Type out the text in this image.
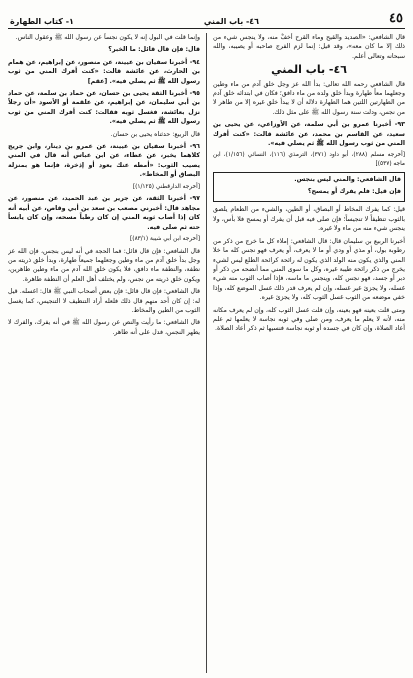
٤٥
٤٦- باب المني
١- كتاب الطهارة

قال الشافعي: «الصديد والقيح وماء القرح أخفُّ منه، ولا ينجس شيء من ذلك إلا ما كان معه»، وقد قيل: إنما لزم الفرج صاحبه أو يصيبه، والله سبحانه وتعالى أعلم.

٤٦- باب المني

قال الشافعي رحمه الله تعالى: بدأ الله عز وجل خلق آدم من ماء وطين وجعلهما معاً طهارة وبدأ خلق ولده من ماء دافق؛ فكان في ابتدائه خلق آدم من الطهارتين اللتين هما الطهارة دلالة أن لا يبدأ خلق غيره إلا من طاهر لا من نجس، ودلت سنة رسول الله ﷺ على مثل ذلك.

٩٣- أخبرنا عمرو بن أبي سلمة، عن الأوزاعي، عن يحيى بن سعيد، عن القاسم بن محمد، عن عائشة قالت: «كنت أفرك المني من ثوب رسول الله ﷺ ثم يصلي فيه».

[أخرجه مسلم (٢٨٨)، أبو داود (٣٧١)، الترمذي (١١٦)، النسائي (١/١٥٦)، ابن ماجه (٥٣٧)]

قال الشافعي: والمني ليس بنجس.

فإن قيل: فلم يفرك أو يمسح؟

قيل: كما يفرك المخاط أو البصاق، أو الطين، والشيء من الطعام يلصق بالثوب تنظيفاً لا تنجيساً؛ فإن صلى فيه قبل أن يفرك أو يمسح فلا بأس، ولا ينجس شيء منه من ماء ولا غيره.

أخبرنا الربيع بن سليمان قال: قال الشافعي: إملاء كل ما خرج من ذكر من رطوبة بول، أو مذي أو ودي أو ما لا يعرف، أو يعرف فهو نجس كله ما خلا المني والذي يكون منه الولد الذي يكون له رائحة كرائحة الطلع ليس لشيء يخرج من ذكر رائحة طيبة غيره، وكل ما سوى المني مما أنضحه من ذكر أو دبر أو جسد، فهو نجس كله، وينجس ما ماسه، فإذا أصاب الثوب منه شيء غسله، ولا يجزئ غير غسله، وإن لم يعرف قدر ذلك غسل الموضع كله، وإذا خفي موضعه من الثوب غسل الثوب كله، ولا يجزئ غيره.

ومتى قلت بعينه فهو بعينه، وإن قلت غسل الثوب كله، وإن لم يعرف مكانه منه، لأنه لا يعلم ما يعرف، ومن صلى وفي ثوبه نجاسة لا يعلمها ثم علم أعاد الصلاة، وإن كان في جسده أو ثوبه نجاسة فنسيها ثم ذكر أعاد الصلاة.

وإنما قلت في البول إنه لا يكون نجساً عن رسول الله ﷺ وعقول الناس.

قال: فإن قال قائل: ما الخبر؟

٩٤- أخبرنا سفيان بن عيينة، عن منصور، عن إبراهيم، عن همام بن الحارث، عن عائشة قالت: «كنت أفرك المني من ثوب رسول الله ﷺ ثم يصلي فيه». [عقم]

٩٥- أخبرنا الثقة يحيى بن حسان، عن حماد بن سلمة، عن حماد بن أبي سليمان، عن إبراهيم، عن علقمة أو الأسود «أن رجلاً نزل بعائشة، فغسل ثوبه فقالت: كنت أفرك المني من ثوب رسول الله ﷺ ثم يصلي فيه».

قال الربيع: حدثناه يحيى بن حسان.

٩٦- أخبرنا سفيان بن عيينة، عن عمرو بن دينار، وابن جريج كلاهما يخبر، عن عطاء، عن ابن عباس أنه قال في المني يصيب الثوب: «أمطه عنك بعود أو إذخرة، فإنما هو بمنزلة البصاق أو المخاط».

[أخرجه الدارقطني (١/١٢٥)]

٩٧- أخبرنا الثقة، عن جرير بن عبد الحميد، عن منصور، عن مجاهد قال: أخبرني مصعب بن سعد بن أبي وقاص، عن أبيه أنه كان إذا أصاب ثوبه المني إن كان رطباً مسحه، وإن كان يابساً حته ثم صلى فيه.

[أخرجه ابن أبي شيبة (٨٣/١)]

قال الشافعي: فإن قال قائل: فما الحجة في أنه ليس بنجس، فإن الله عز وجل بدأ خلق آدم من ماء وطين وجعلهما جميعاً طهارة، وبدأ خلق ذريته من نطفة، والنطفة ماء دافق، فلا يكون خلق الله آدم من ماء وطين طاهرين، ويكون خلق ذريته من نجس، ولم يختلف أهل العلم أن النطفة طاهرة.

قال الشافعي: فإن قال قائل: فإن بعض أصحاب النبي ﷺ قال: اغسله. قيل له: إن كان أحد منهم قال ذلك فلعله أراد التنظيف لا التنجيس، كما يغسل الثوب من الطين والمخاط.

قال الشافعي: ما رأيت والنص عن رسول الله ﷺ في أنه يفرك، والفرك لا يطهر النجس، فدل على أنه طاهر.
